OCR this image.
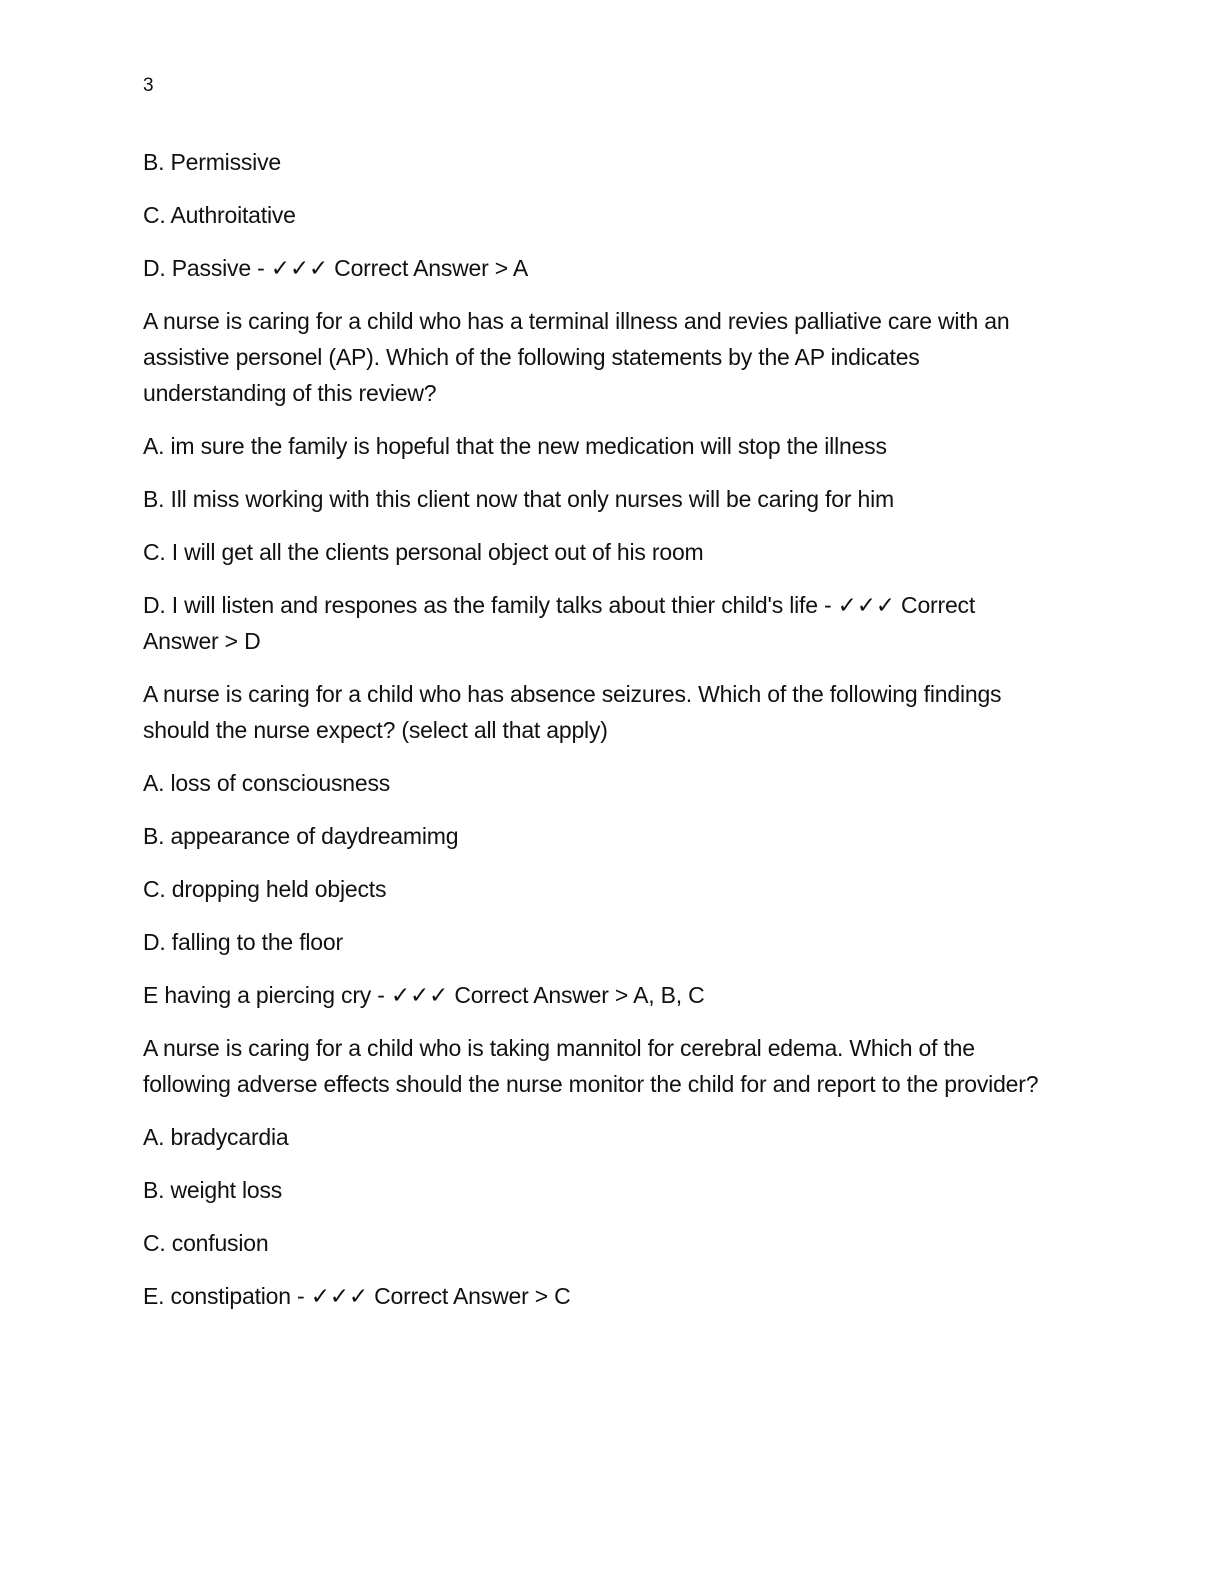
3

B. Permissive

C. Authroitative

D. Passive - ✓✓✓ Correct Answer > A

A nurse is caring for a child who has a terminal illness and revies palliative care with an assistive personel (AP). Which of the following statements by the AP indicates understanding of this review?

A. im sure the family is hopeful that the new medication will stop the illness

B. Ill miss working with this client now that only nurses will be caring for him

C. I will get all the clients personal object out of his room

D. I will listen and respones as the family talks about thier child's life - ✓✓✓ Correct Answer > D

A nurse is caring for a child who has absence seizures. Which of the following findings should the nurse expect? (select all that apply)

A. loss of consciousness

B. appearance of daydreamimg

C. dropping held objects

D. falling to the floor

E having a piercing cry - ✓✓✓ Correct Answer > A, B, C

A nurse is caring for a child who is taking mannitol for cerebral edema. Which of the following adverse effects should the nurse monitor the child for and report to the provider?

A. bradycardia

B. weight loss

C. confusion

E. constipation - ✓✓✓ Correct Answer > C
